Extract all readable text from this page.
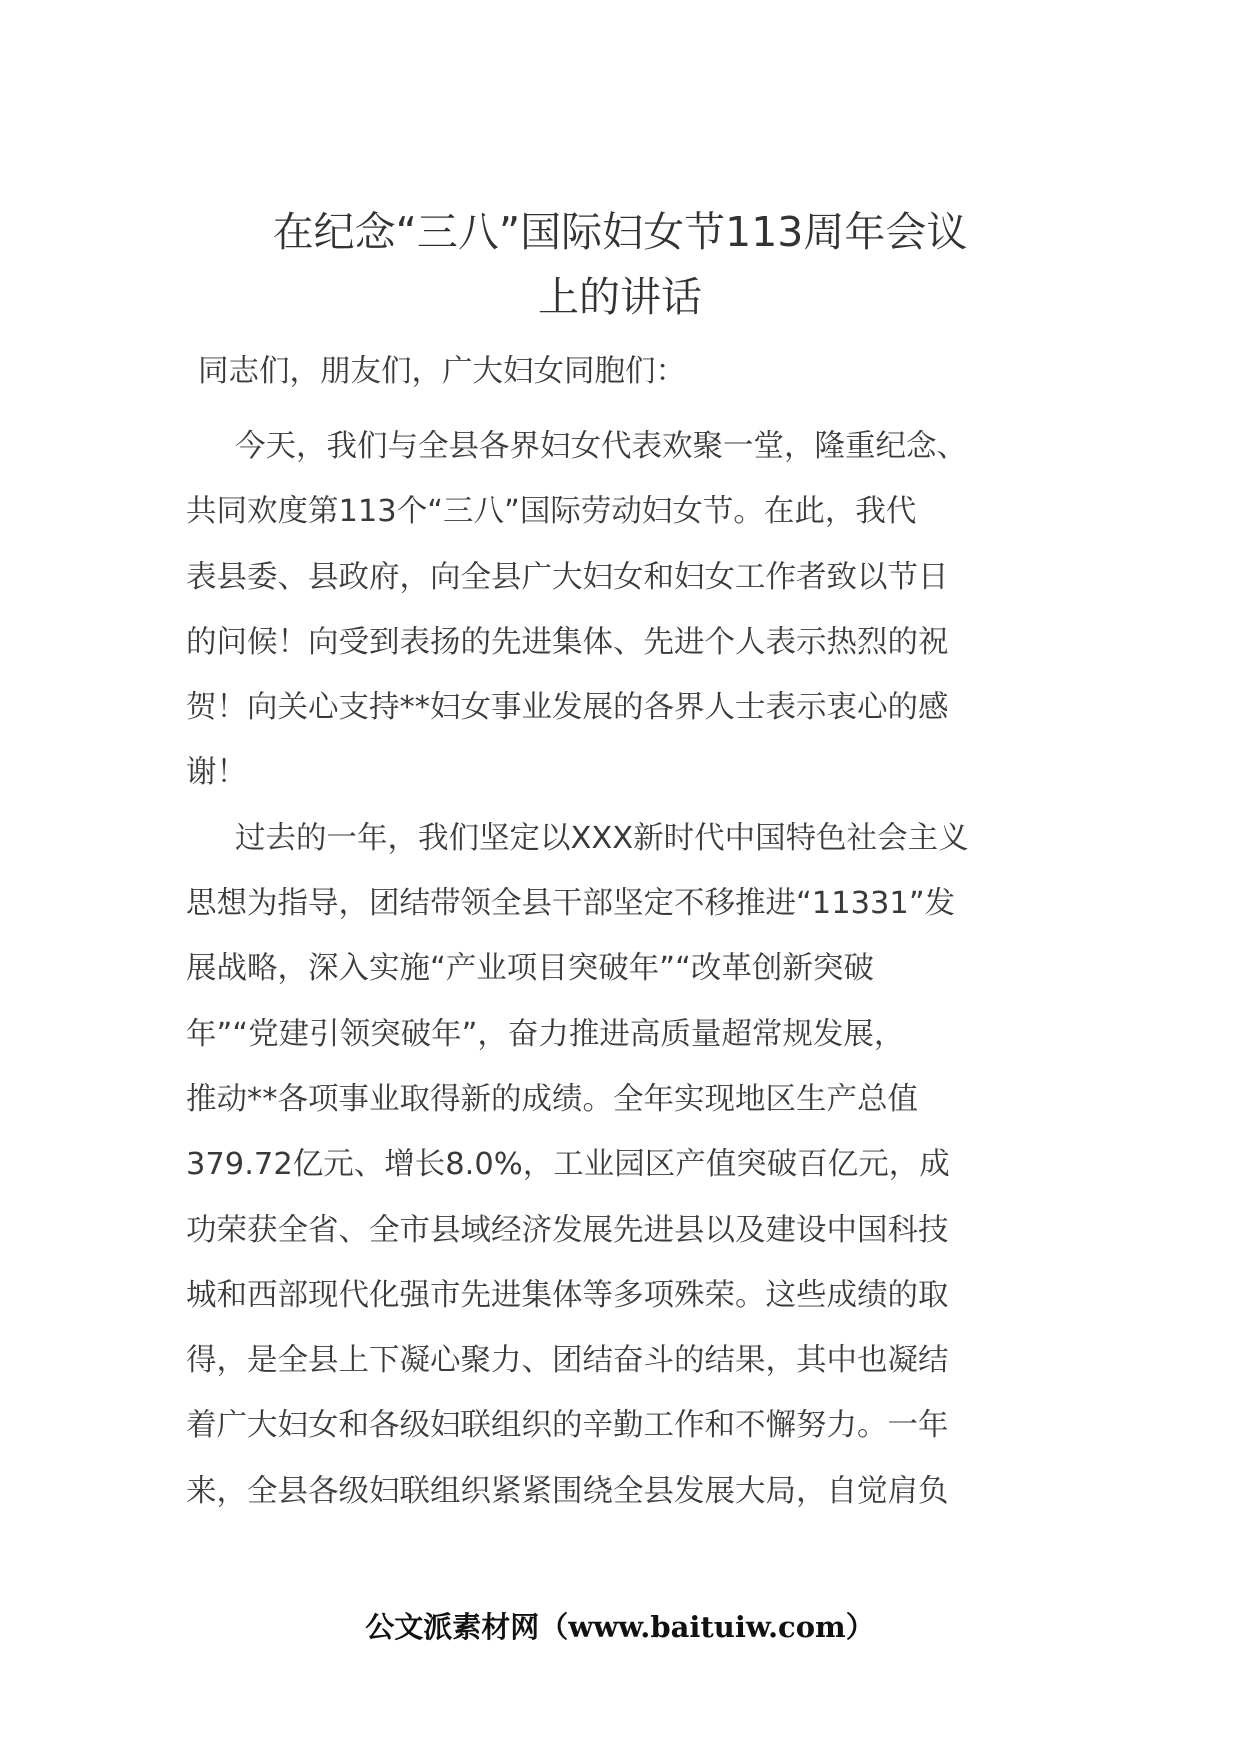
在纪念“三八”国际妇女节113周年会议
上的讲话

同志们，朋友们，广大妇女同胞们：

今天，我们与全县各界妇女代表欢聚一堂，隆重纪念、
共同欢度第113个“三八”国际劳动妇女节。在此，我代
表县委、县政府，向全县广大妇女和妇女工作者致以节日
的问候！向受到表扬的先进集体、先进个人表示热烈的祝
贺！向关心支持**妇女事业发展的各界人士表示衷心的感
谢！
过去的一年，我们坚定以XXX新时代中国特色社会主义
思想为指导，团结带领全县干部坚定不移推进“11331”发
展战略，深入实施“产业项目突破年”“改革创新突破
年”“党建引领突破年”，奋力推进高质量超常规发展，
推动**各项事业取得新的成绩。全年实现地区生产总值
379.72亿元、增长8.0%，工业园区产值突破百亿元，成
功荣获全省、全市县域经济发展先进县以及建设中国科技
城和西部现代化强市先进集体等多项殊荣。这些成绩的取
得，是全县上下凝心聚力、团结奋斗的结果，其中也凝结
着广大妇女和各级妇联组织的辛勤工作和不懈努力。一年
来，全县各级妇联组织紧紧围绕全县发展大局，自觉肩负
公文派素材网（www.baituiw.com）
